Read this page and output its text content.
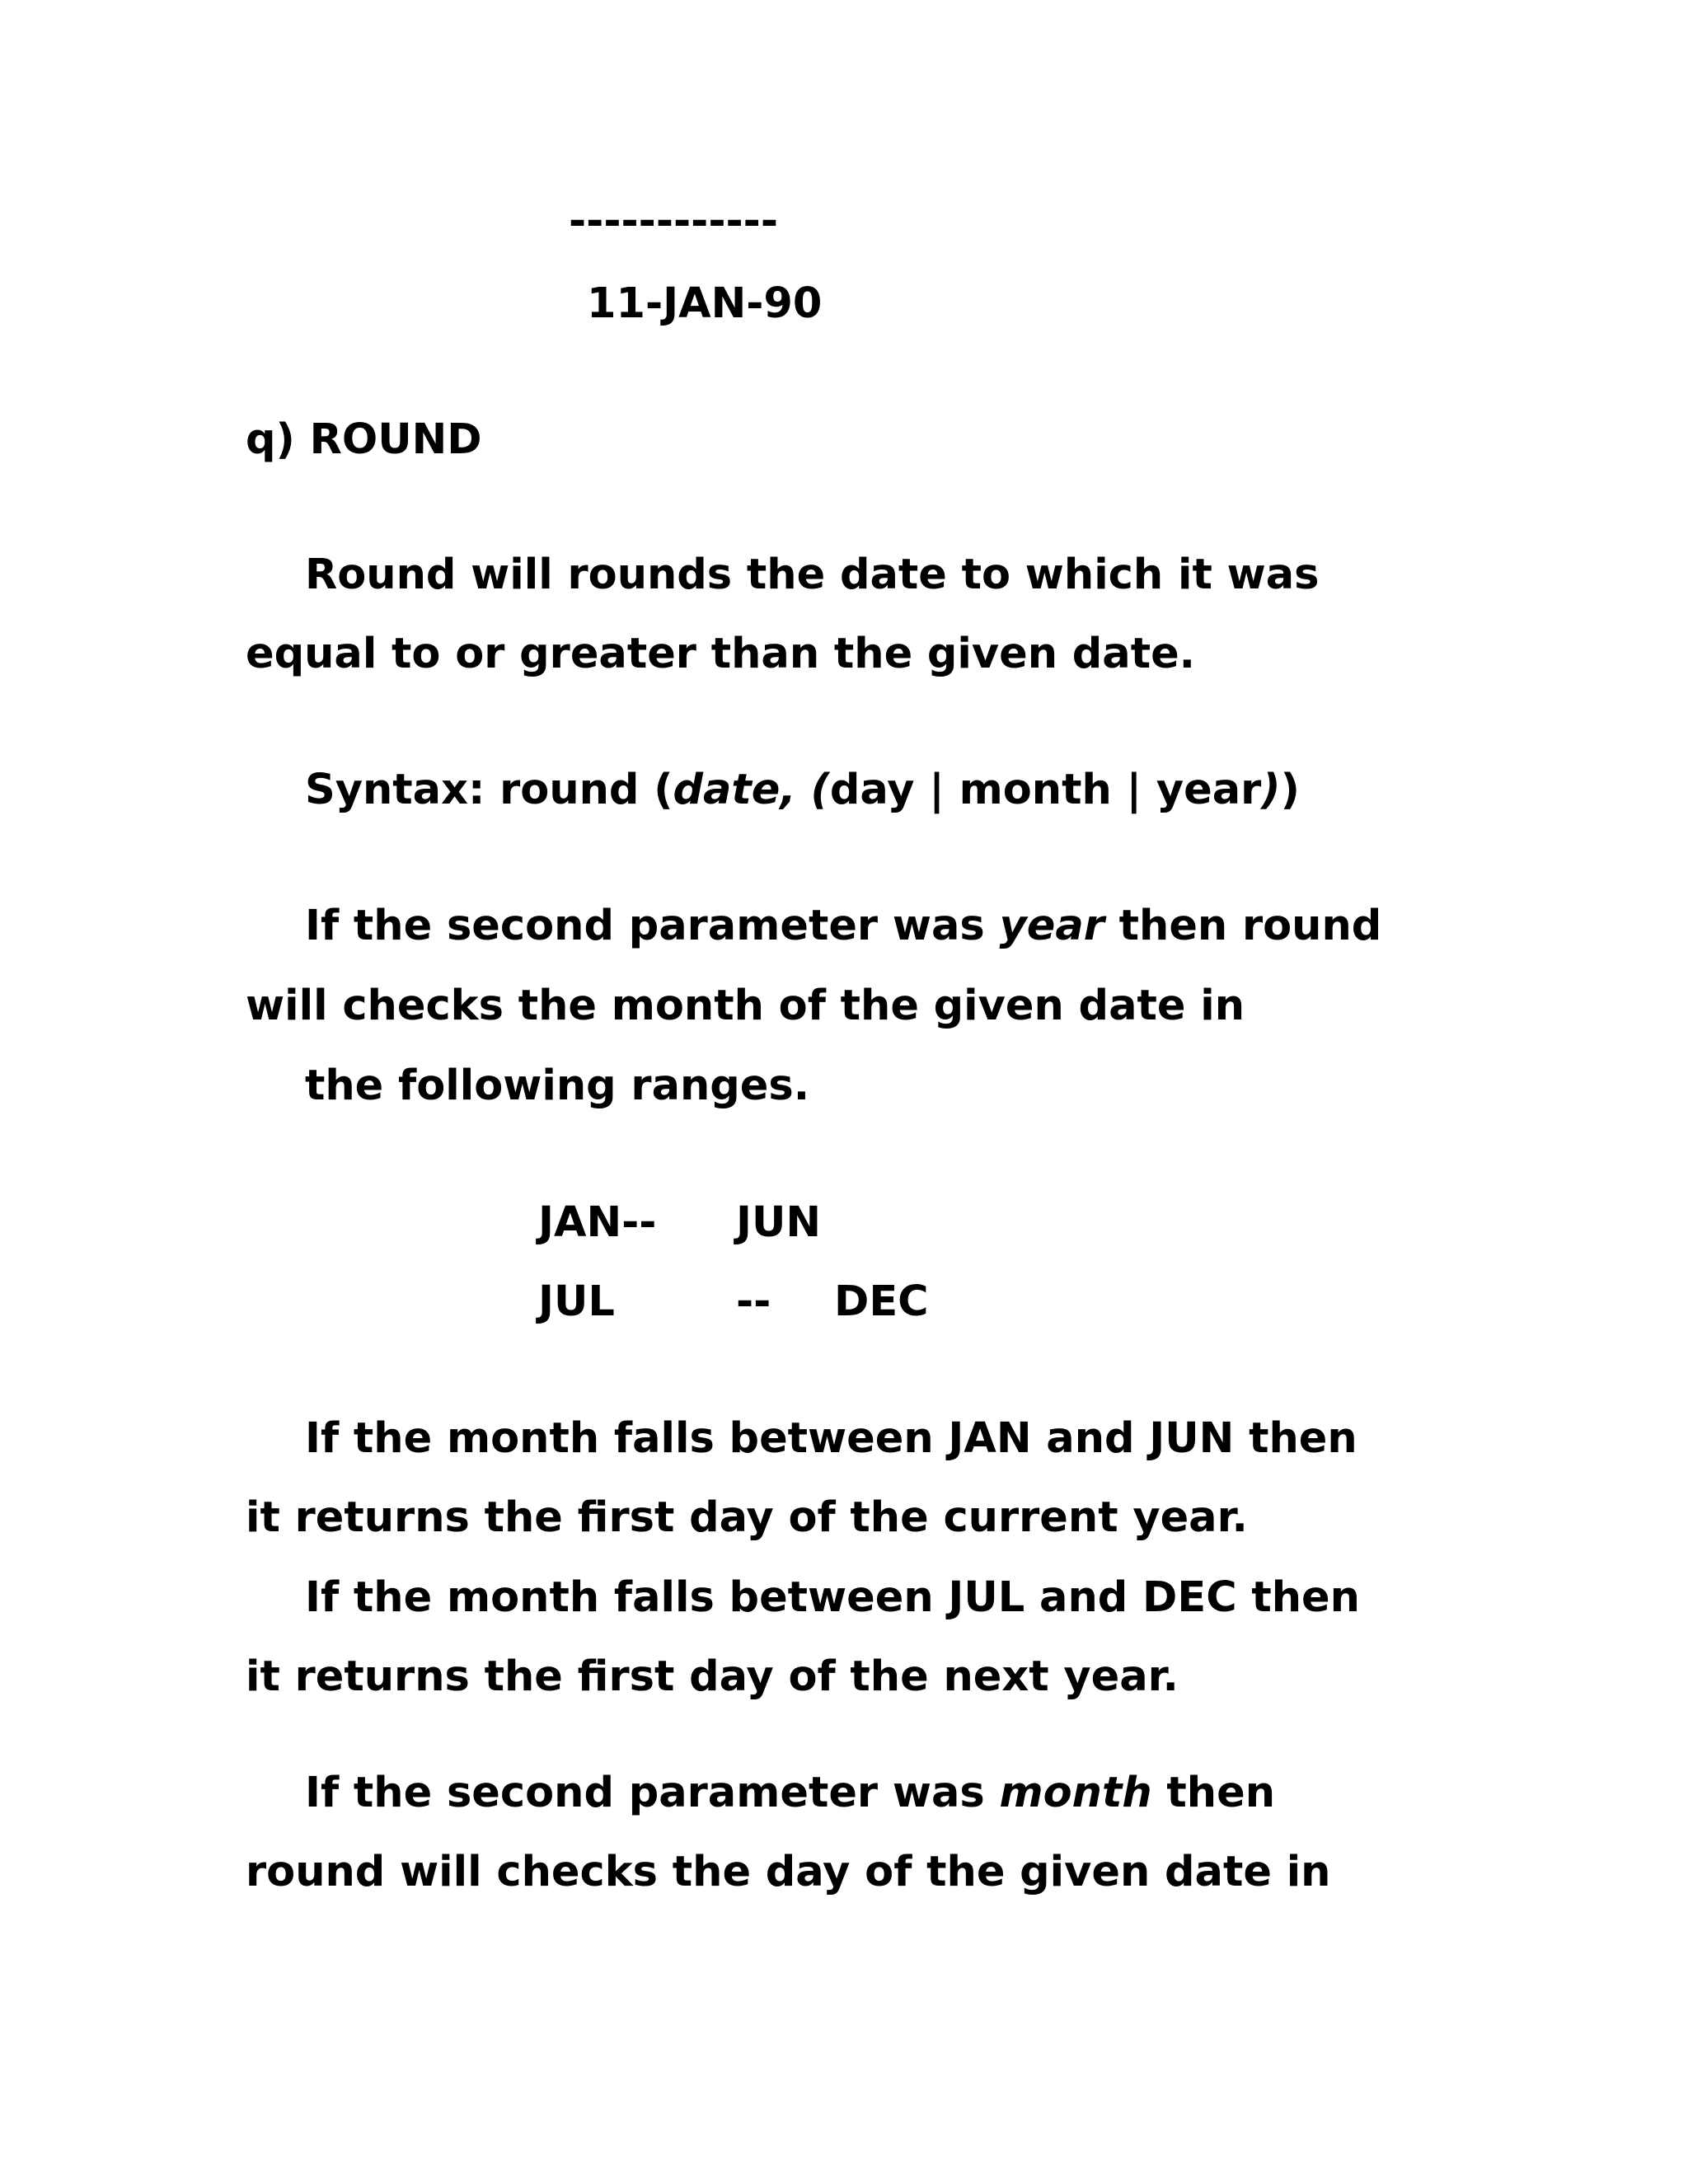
------------
11-JAN-90
q) ROUND
Round will rounds the date to which it was
equal to or greater than the given date.
Syntax: round (date, (day | month | year))
If the second parameter was year then round
will checks the month of the given date in
the following ranges.
JAN-- JUN
JUL	-- DEC
If the month falls between JAN and JUN then
it returns the first day of the current year.
If the month falls between JUL and DEC then
it returns the first day of the next year.
If the second parameter was month then
round will checks the day of the given date in
